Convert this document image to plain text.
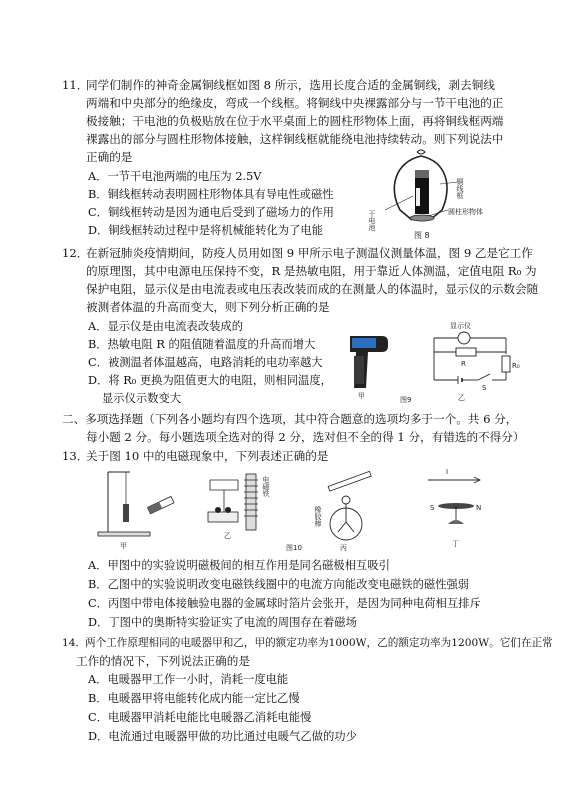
11．
同学们制作的神奇金属铜线框如图 8 所示，选用长度合适的金属铜线，剥去铜线
两端和中央部分的绝缘皮，弯成一个线框。将铜线中央裸露部分与一节干电池的正
极接触；干电池的负极贴放在位于水平桌面上的圆柱形物体上面，再将铜线框两端
裸露出的部分与圆柱形物体接触，这样铜线框就能绕电池持续转动。则下列说法中
正确的是
A．一节干电池两端的电压为 2.5V
B．铜线框转动表明圆柱形物体具有导电性或磁性
C．铜线框转动是因为通电后受到了磁场力的作用
D．铜线框转动过程中是将机械能转化为了电能
铜线框
干电池	圆柱形物体
图 8
12．
在新冠肺炎疫情期间，防疫人员用如图 9 甲所示电子测温仪测量体温，图 9 乙是它工作
的原理图，其中电源电压保持不变，R 是热敏电阻，用于靠近人体测温，定值电阻 R₀ 为
保护电阻，显示仪是由电流表或电压表改装而成的在测量人的体温时，显示仪的示数会随
被测者体温的升高而变大，则下列分析正确的是
A．显示仪是由电流表改装成的
B．热敏电阻 R 的阻值随着温度的升高而增大
C．被测温者体温越高，电路消耗的电功率越大
D．将 R₀ 更换为阻值更大的电阻，则相同温度，
显示仪示数变大	甲
显示仪
R	R₀
S
乙
图9
二、多项选择题（下列各小题均有四个选项，其中符合题意的选项均多于一个。共 6 分，
每小题 2 分。每小题选项全选对的得 2 分，选对但不全的得 1 分，有错选的不得分）
13．
关于图 10 中的电磁现象中，下列表述正确的是
甲
电磁铁
乙
橡胶棒
丙
I
S	N
丁
图10
A．甲图中的实验说明磁极间的相互作用是同名磁极相互吸引
B．乙图中的实验说明改变电磁铁线圈中的电流方向能改变电磁铁的磁性强弱
C．丙图中带电体接触验电器的金属球时箔片会张开，是因为同种电荷相互排斥
D．丁图中的奥斯特实验证实了电流的周围存在着磁场
14．
两个工作原理相同的电暖器甲和乙，甲的额定功率为1000W，乙的额定功率为1200W。它们在正常
工作的情况下，下列说法正确的是
A．电暖器甲工作一小时，消耗一度电能
B．电暖器甲将电能转化成内能一定比乙慢
C．电暖器甲消耗电能比电暖器乙消耗电能慢
D．电流通过电暖器甲做的功比通过电暖气乙做的功少
